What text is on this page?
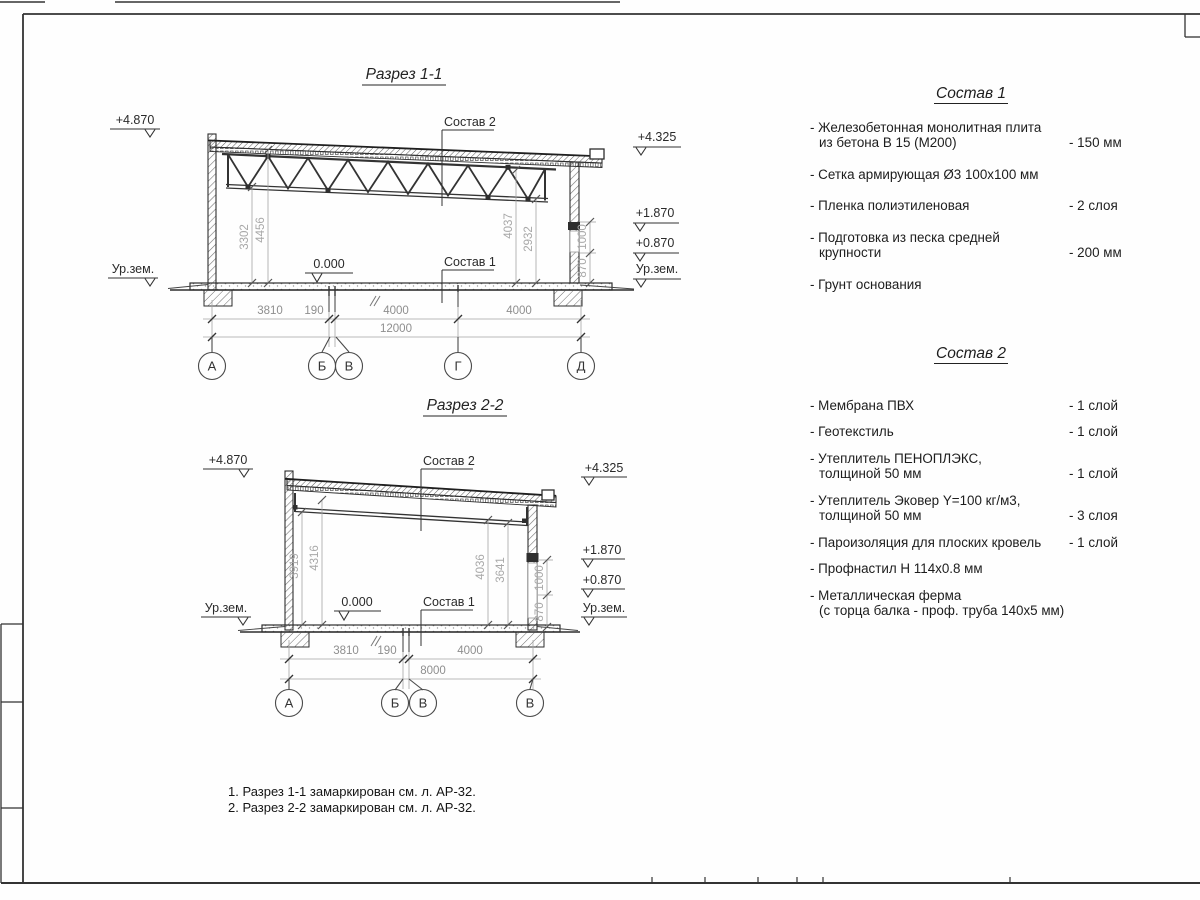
Разрез 1-1
+4.870
Ур.зем.
+4.325
+1.870
+0.870
Ур.зем.
Состав 2
0.000	Состав 1
3302 4456	4037
2932
870
1000
3810 190	4000	4000
12000
А	Б В	Г	Д
Разрез 2-2
+4.870
Ур.зем.
+4.325
+1.870
+0.870
Ур.зем.
Состав 2
0.000	Состав 1
3919 4316	4036 3641
870
1000
3810 190	4000
8000
А	Б В	В
Состав 1
- Железобетонная монолитная плита
из бетона В 15 (М200)	- 150 мм
- Сетка армирующая Ø3 100х100 мм
- Пленка полиэтиленовая	- 2 слоя
- Подготовка из песка средней
крупности	- 200 мм
- Грунт основания
Состав 2
- Мембрана ПВХ	- 1 слой
- Геотекстиль	- 1 слой
- Утеплитель ПЕНОПЛЭКС,
толщиной 50 мм	- 1 слой
- Утеплитель Эковер Y=100 кг/м3,
толщиной 50 мм	- 3 слоя
- Пароизоляция для плоских кровель	- 1 слой
- Профнастил Н 114х0.8 мм
- Металлическая ферма
(с торца балка - проф. труба 140х5 мм)
1. Разрез 1-1 замаркирован см. л. АР-32.
2. Разрез 2-2 замаркирован см. л. АР-32.
